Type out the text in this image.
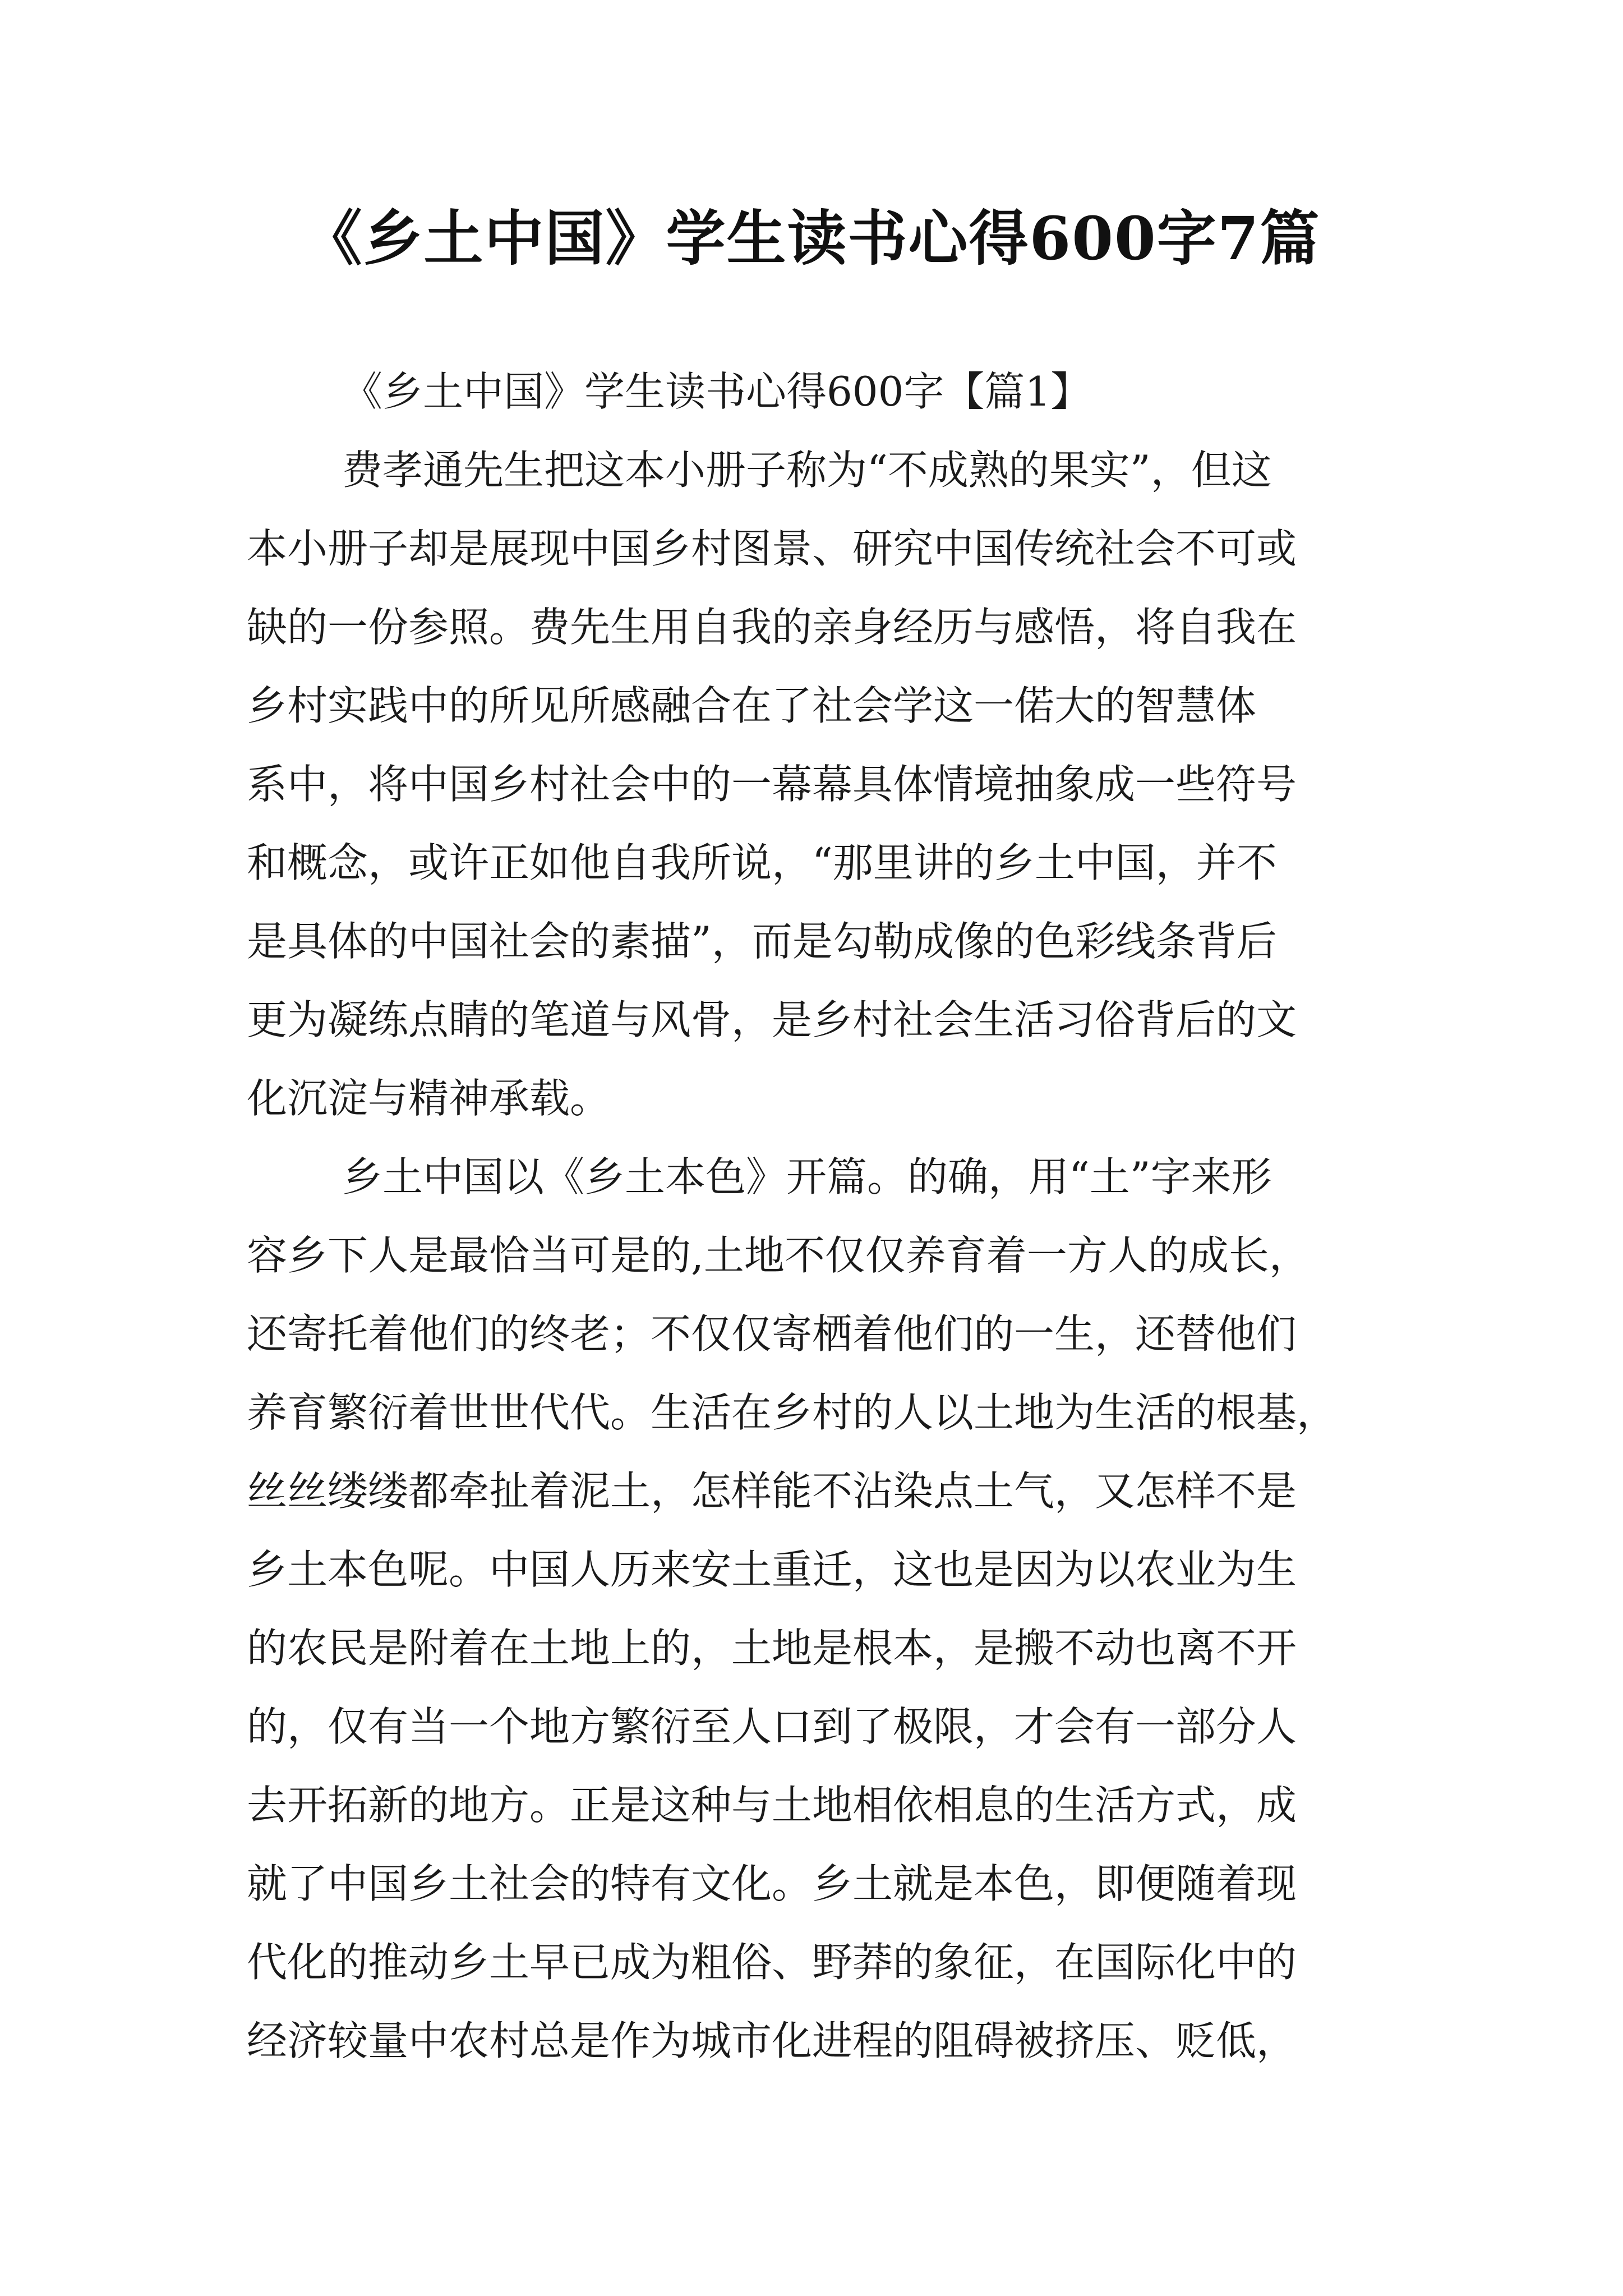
《乡土中国》学生读书心得600字7篇
《乡土中国》学生读书心得600字【篇1】
费孝通先生把这本小册子称为“不成熟的果实”，但这
本小册子却是展现中国乡村图景、研究中国传统社会不可或
缺的一份参照。费先生用自我的亲身经历与感悟，将自我在
乡村实践中的所见所感融合在了社会学这一偌大的智慧体
系中，将中国乡村社会中的一幕幕具体情境抽象成一些符号
和概念，或许正如他自我所说，“那里讲的乡土中国，并不
是具体的中国社会的素描”，而是勾勒成像的色彩线条背后
更为凝练点睛的笔道与风骨，是乡村社会生活习俗背后的文
化沉淀与精神承载。
乡土中国以《乡土本色》开篇。的确，用“土”字来形
容乡下人是最恰当可是的,土地不仅仅养育着一方人的成长，
还寄托着他们的终老；不仅仅寄栖着他们的一生，还替他们
养育繁衍着世世代代。生活在乡村的人以土地为生活的根基，
丝丝缕缕都牵扯着泥土，怎样能不沾染点土气，又怎样不是
乡土本色呢。中国人历来安土重迁，这也是因为以农业为生
的农民是附着在土地上的，土地是根本，是搬不动也离不开
的，仅有当一个地方繁衍至人口到了极限，才会有一部分人
去开拓新的地方。正是这种与土地相依相息的生活方式，成
就了中国乡土社会的特有文化。乡土就是本色，即便随着现
代化的推动乡土早已成为粗俗、野莽的象征，在国际化中的
经济较量中农村总是作为城市化进程的阻碍被挤压、贬低，
